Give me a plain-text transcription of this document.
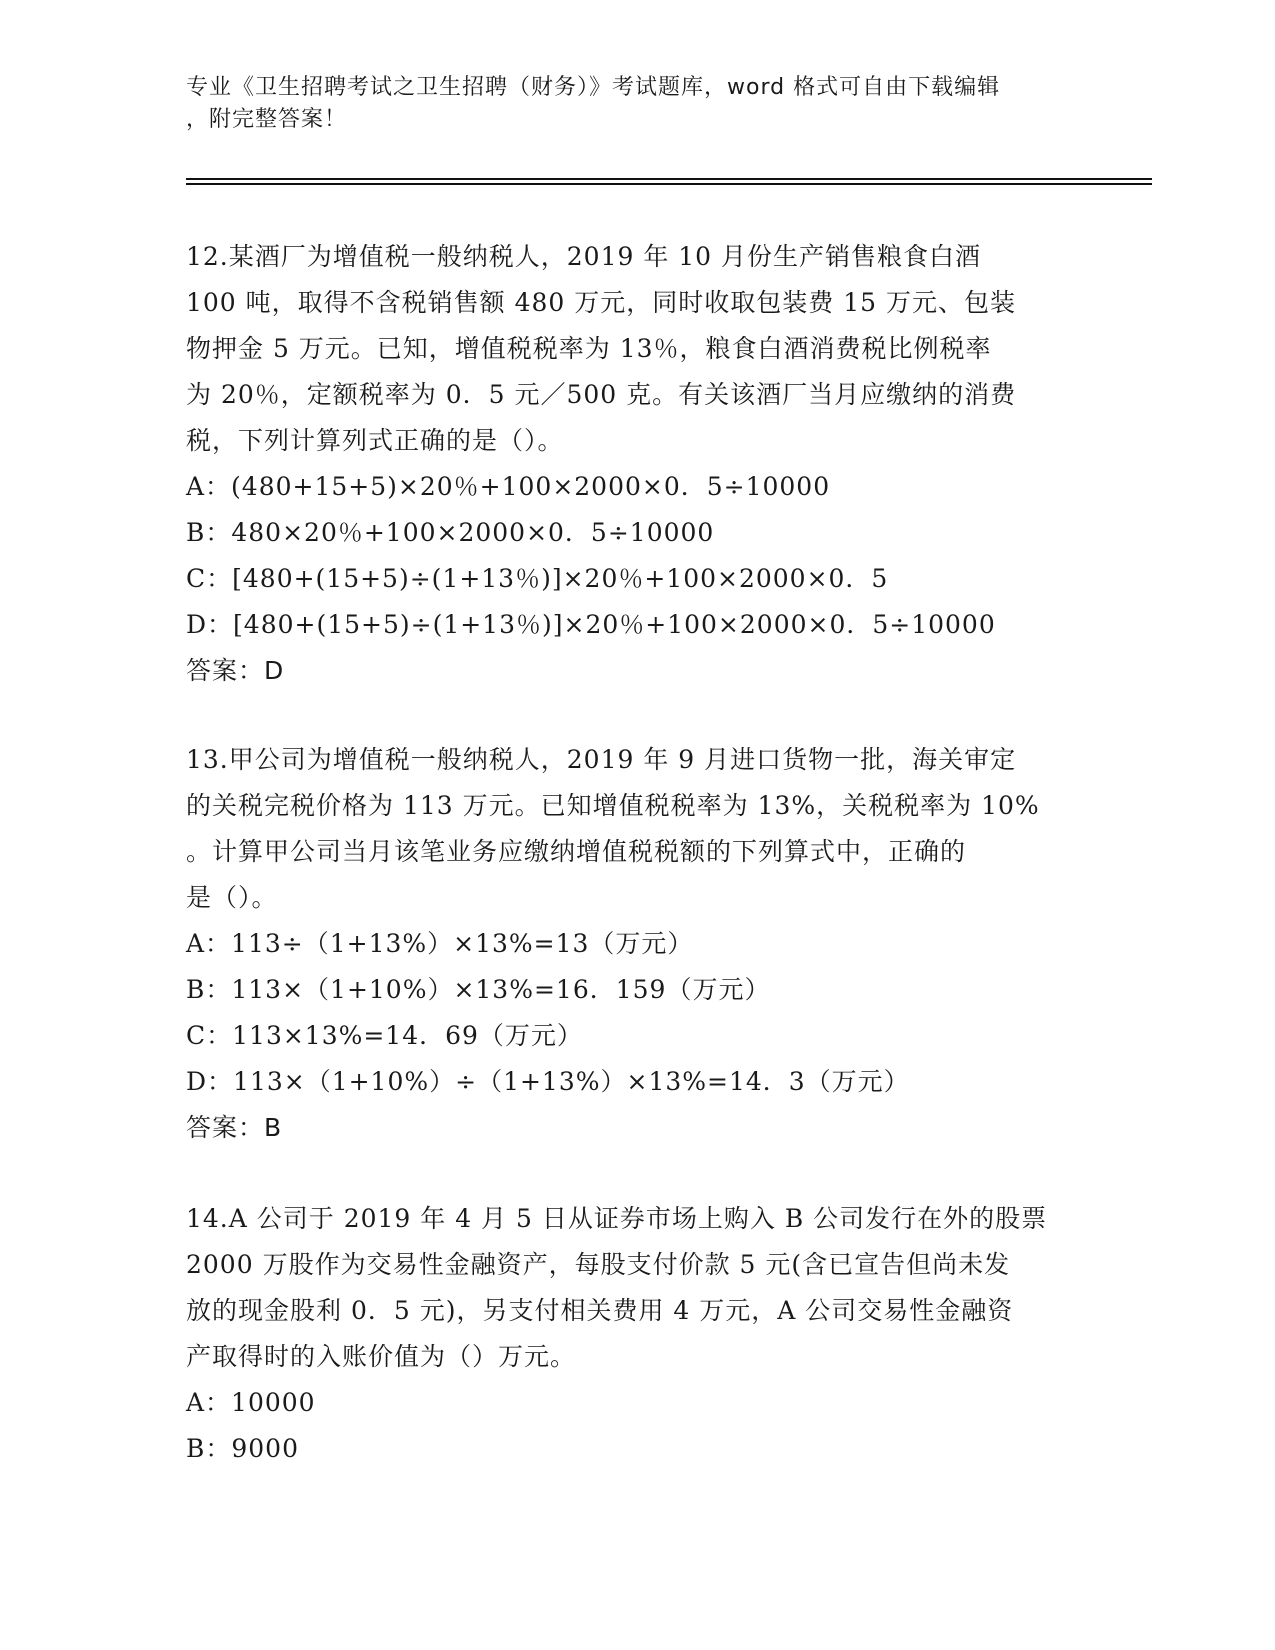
专业《卫生招聘考试之卫生招聘（财务）》考试题库，word 格式可自由下载编辑
，附完整答案！
12.某酒厂为增值税一般纳税人，2019 年 10 月份生产销售粮食白酒
100 吨，取得不含税销售额 480 万元，同时收取包装费 15 万元、包装
物押金 5 万元。已知，增值税税率为 13％，粮食白酒消费税比例税率
为 20％，定额税率为 0．5 元／500 克。有关该酒厂当月应缴纳的消费
税，下列计算列式正确的是（）。
A：(480+15+5)×20％+100×2000×0．5÷10000
B：480×20％+100×2000×0．5÷10000
C：[480+(15+5)÷(1+13％)]×20％+100×2000×0．5
D：[480+(15+5)÷(1+13％)]×20％+100×2000×0．5÷10000
答案：D
13.甲公司为增值税一般纳税人，2019 年 9 月进口货物一批，海关审定
的关税完税价格为 113 万元。已知增值税税率为 13%，关税税率为 10%
。计算甲公司当月该笔业务应缴纳增值税税额的下列算式中，正确的
是（）。
A：113÷（1+13%）×13%=13（万元）
B：113×（1+10%）×13%=16．159（万元）
C：113×13%=14．69（万元）
D：113×（1+10%）÷（1+13%）×13%=14．3（万元）
答案：B
14.A 公司于 2019 年 4 月 5 日从证券市场上购入 B 公司发行在外的股票
2000 万股作为交易性金融资产，每股支付价款 5 元(含已宣告但尚未发
放的现金股利 0．5 元)，另支付相关费用 4 万元，A 公司交易性金融资
产取得时的入账价值为（）万元。
A：10000
B：9000
